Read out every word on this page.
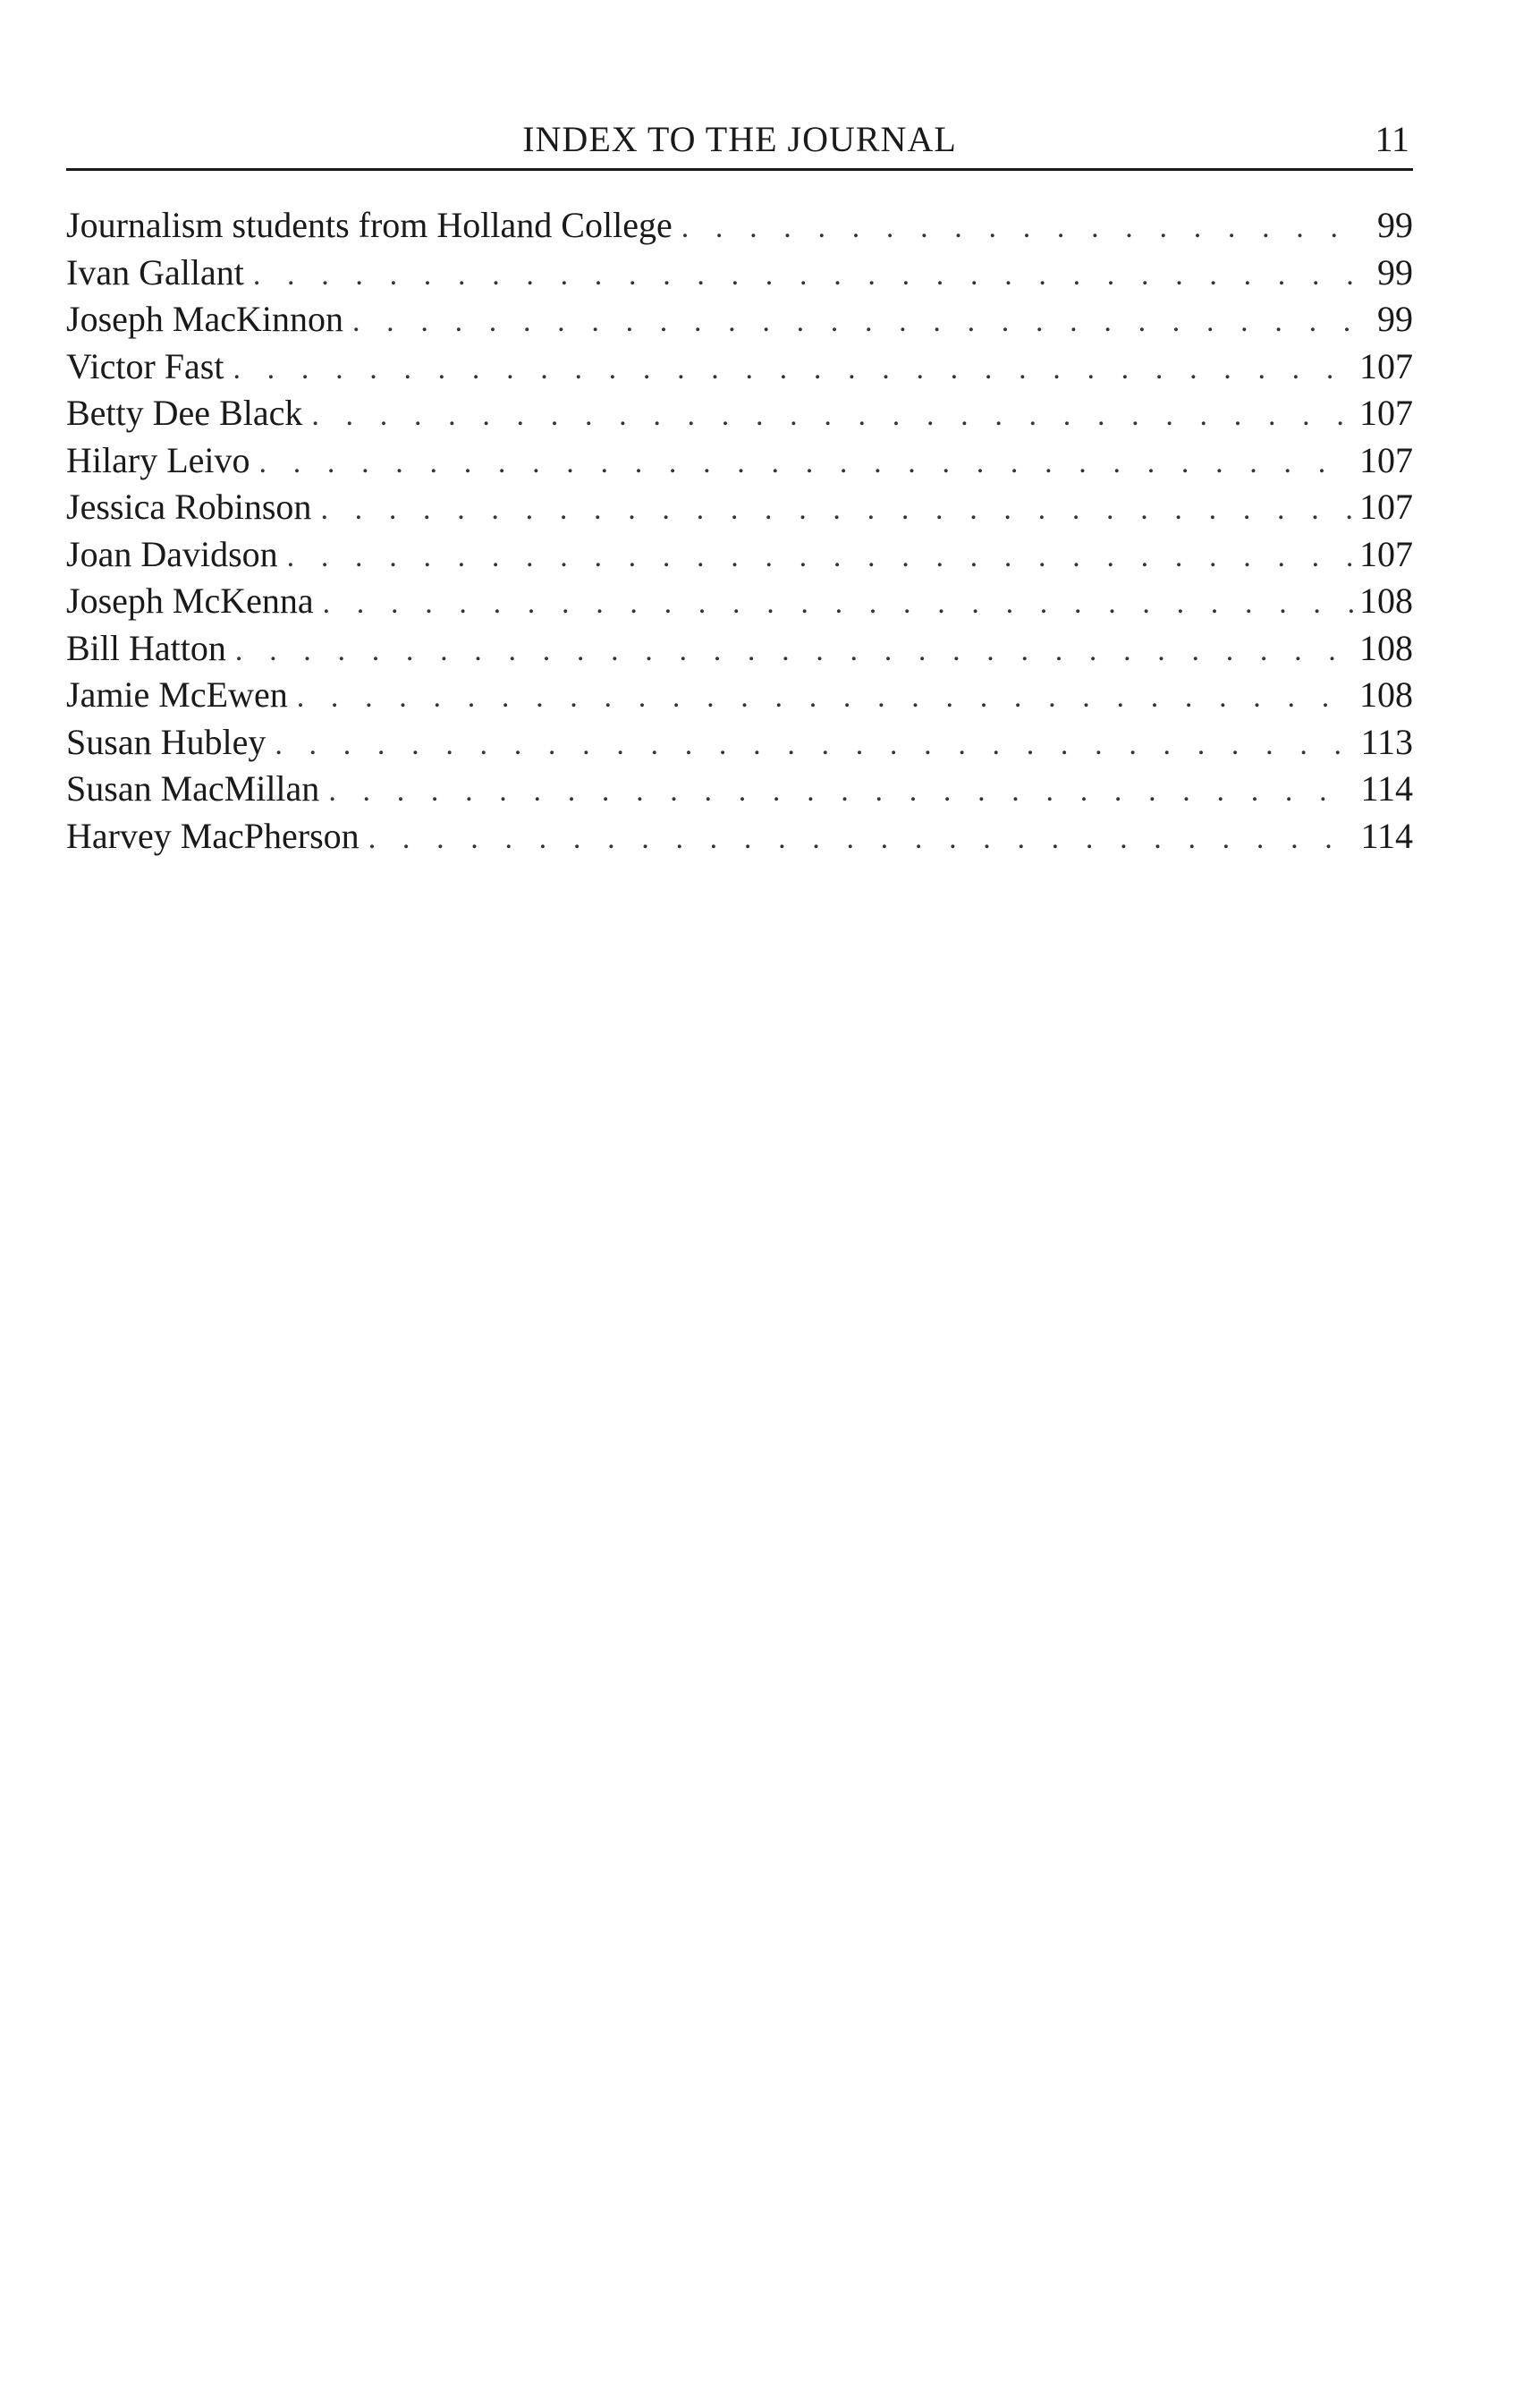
INDEX TO THE JOURNAL	11
Journalism students from Holland College . . .	99
Ivan Gallant . . .	99
Joseph MacKinnon . . .	99
Victor Fast . . .	107
Betty Dee Black . . .	107
Hilary Leivo . . .	107
Jessica Robinson . . .	107
Joan Davidson . . .	107
Joseph McKenna . . .	108
Bill Hatton . . .	108
Jamie McEwen . . .	108
Susan Hubley . . .	113
Susan MacMillan . . .	114
Harvey MacPherson . . .	114
